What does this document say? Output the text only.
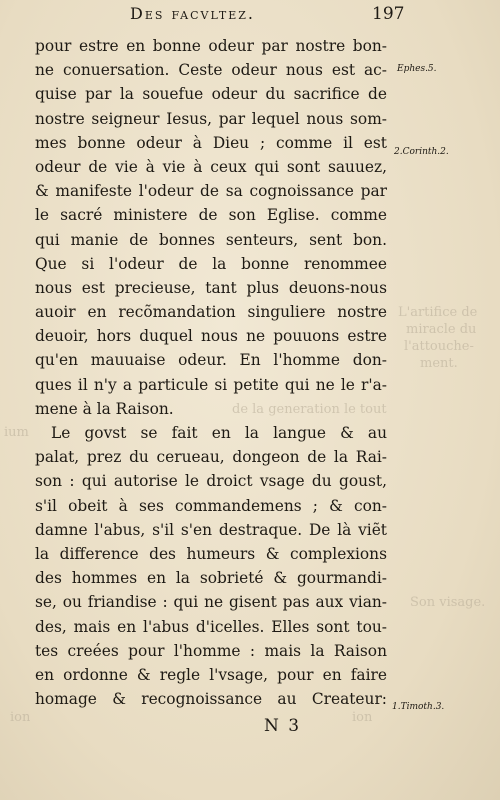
L'artifice de
miracle du
l'attouche-
ment.
Son visage.
de la generation le tout
ium
ion	ion
Des facvltez.	197
pour estre en bonne odeur par nostre bon-
ne conuersation. Ceste odeur nous est ac-
quise par la souefue odeur du sacrifice de
nostre seigneur Iesus, par lequel nous som-
mes bonne odeur à Dieu ; comme il est
odeur de vie à vie à ceux qui sont sauuez,
& manifeste l'odeur de sa cognoissance par
le sacré ministere de son Eglise. comme
qui manie de bonnes senteurs, sent bon.
Que si l'odeur de la bonne renommee
nous est precieuse, tant plus deuons-nous
auoir en recõmandation singuliere nostre
deuoir, hors duquel nous ne pouuons estre
qu'en mauuaise odeur. En l'homme don-
ques il n'y a particule si petite qui ne le r'a-
mene à la Raison.
Le govst se fait en la langue & au
palat, prez du cerueau, dongeon de la Rai-
son : qui autorise le droict vsage du goust,
s'il obeit à ses commandemens ; & con-
damne l'abus, s'il s'en destraque. De là viẽt
la difference des humeurs & complexions
des hommes en la sobrieté & gourmandi-
se, ou friandise : qui ne gisent pas aux vian-
des, mais en l'abus d'icelles. Elles sont tou-
tes creées pour l'homme : mais la Raison
en ordonne & regle l'vsage, pour en faire
homage & recognoissance au Createur:
Ephes.5.
2.Corinth.2.
1.Timoth.3.
N 3
